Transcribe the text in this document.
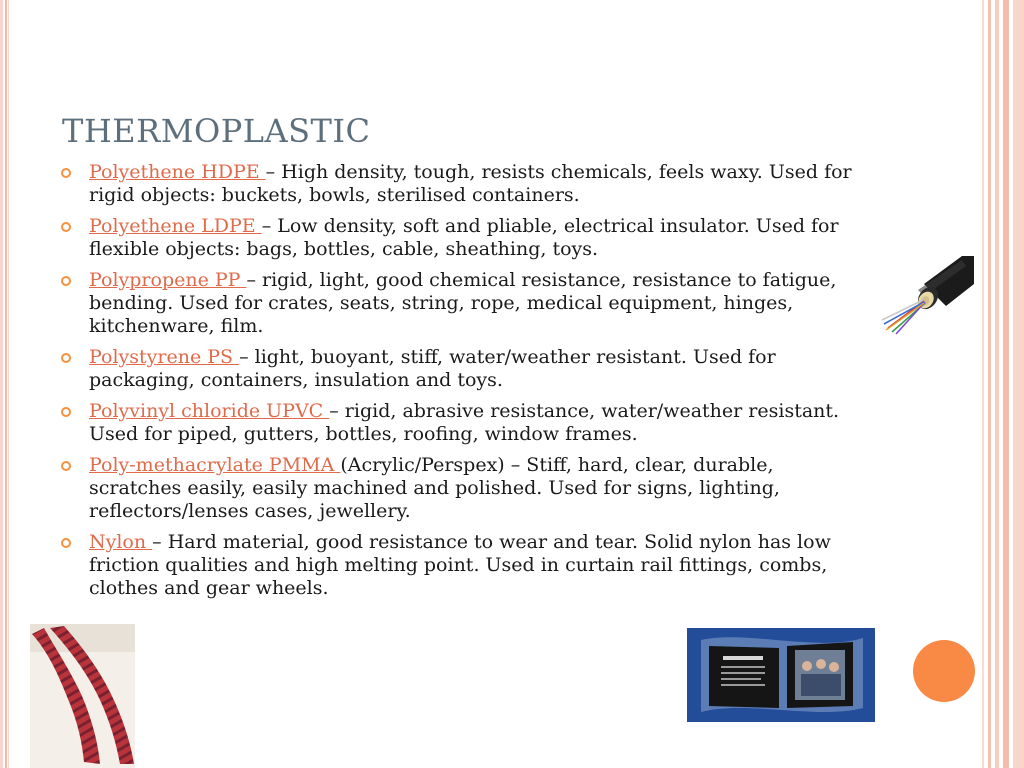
THERMOPLASTIC
Polyethene HDPE – High density, tough, resists chemicals, feels waxy. Used for rigid objects: buckets, bowls, sterilised containers.
Polyethene LDPE – Low density, soft and pliable, electrical insulator. Used for flexible objects: bags, bottles, cable, sheathing, toys.
Polypropene PP – rigid, light, good chemical resistance, resistance to fatigue, bending. Used for crates, seats, string, rope, medical equipment, hinges, kitchenware, film.
Polystyrene PS – light, buoyant, stiff, water/weather resistant. Used for packaging, containers, insulation and toys.
Polyvinyl chloride UPVC – rigid, abrasive resistance, water/weather resistant. Used for piped, gutters, bottles, roofing, window frames.
Poly-methacrylate PMMA (Acrylic/Perspex) – Stiff, hard, clear, durable, scratches easily, easily machined and polished. Used for signs, lighting, reflectors/lenses cases, jewellery.
Nylon – Hard material, good resistance to wear and tear. Solid nylon has low friction qualities and high melting point. Used in curtain rail fittings, combs, clothes and gear wheels.
